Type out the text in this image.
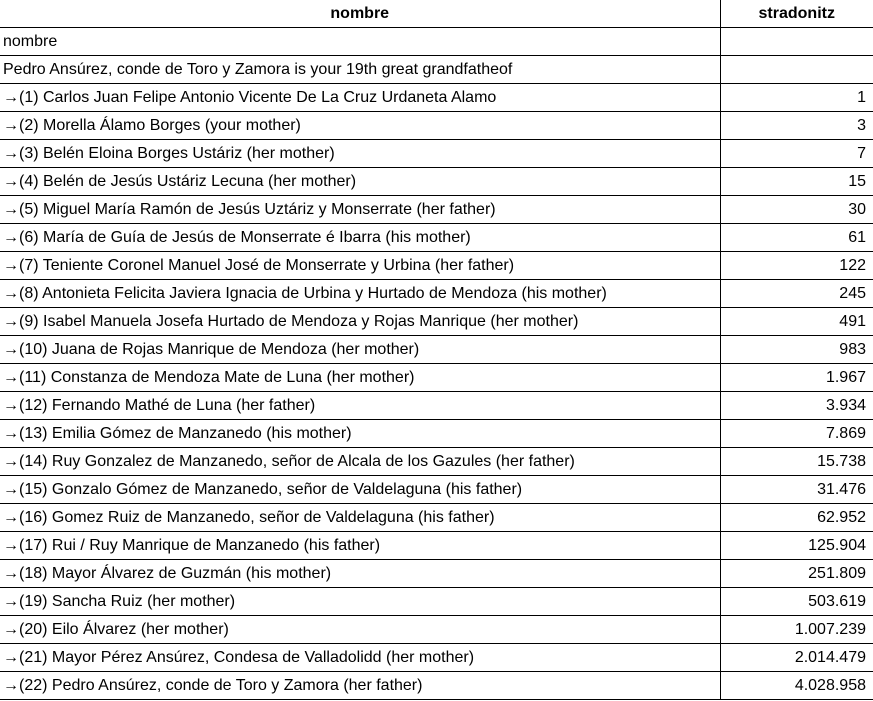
nombre	stradonitz
nombre	
Pedro Ansúrez, conde de Toro y Zamora is your 19th great grandfatheof	
→(1) Carlos Juan Felipe Antonio Vicente De La Cruz Urdaneta Alamo	1
→(2) Morella Álamo Borges (your mother)	3
→(3) Belén Eloina Borges Ustáriz (her mother)	7
→(4) Belén de Jesús Ustáriz Lecuna (her mother)	15
→(5) Miguel María Ramón de Jesús Uztáriz y Monserrate (her father)	30
→(6) María de Guía de Jesús de Monserrate é Ibarra (his mother)	61
→(7) Teniente Coronel Manuel José de Monserrate y Urbina (her father)	122
→(8) Antonieta Felicita Javiera Ignacia de Urbina y Hurtado de Mendoza (his mother)	245
→(9) Isabel Manuela Josefa Hurtado de Mendoza y Rojas Manrique (her mother)	491
→(10) Juana de Rojas Manrique de Mendoza (her mother)	983
→(11) Constanza de Mendoza Mate de Luna (her mother)	1.967
→(12) Fernando Mathé de Luna (her father)	3.934
→(13) Emilia Gómez de Manzanedo (his mother)	7.869
→(14) Ruy Gonzalez de Manzanedo, señor de Alcala de los Gazules (her father)	15.738
→(15) Gonzalo Gómez de Manzanedo, señor de Valdelaguna (his father)	31.476
→(16) Gomez Ruiz de Manzanedo, señor de Valdelaguna (his father)	62.952
→(17) Rui / Ruy Manrique de Manzanedo (his father)	125.904
→(18) Mayor Álvarez de Guzmán (his mother)	251.809
→(19) Sancha Ruiz (her mother)	503.619
→(20) Eilo Álvarez (her mother)	1.007.239
→(21) Mayor Pérez Ansúrez, Condesa de Valladolidd (her mother)	2.014.479
→(22) Pedro Ansúrez, conde de Toro y Zamora (her father)	4.028.958
